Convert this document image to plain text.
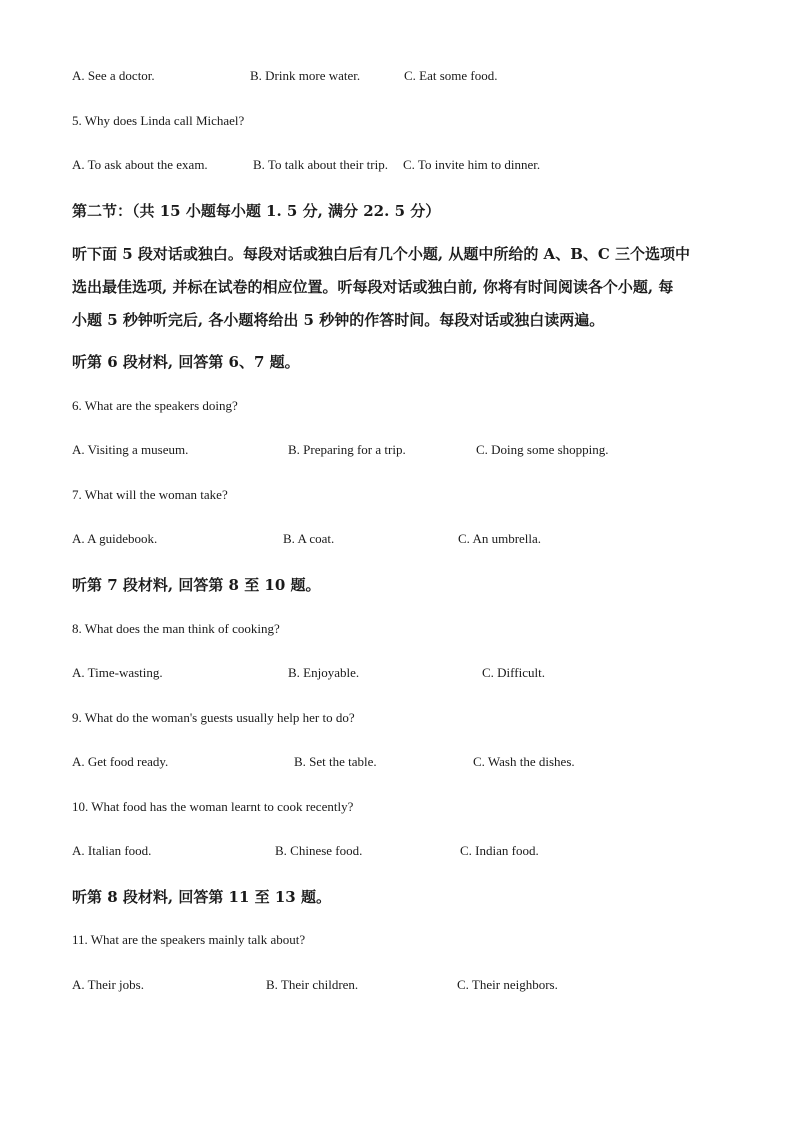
A. See a doctor.	B. Drink more water.	C. Eat some food.
5. Why does Linda call Michael?
A. To ask about the exam.	B. To talk about their trip. C. To invite him to dinner.
第二节：（共 15 小题每小题 1. 5 分, 满分 22. 5 分）
听下面 5 段对话或独白。每段对话或独白后有几个小题, 从题中所给的 A、B、C 三个选项中
选出最佳选项, 并标在试卷的相应位置。听每段对话或独白前, 你将有时间阅读各个小题, 每
小题 5 秒钟听完后, 各小题将给出 5 秒钟的作答时间。每段对话或独白读两遍。
听第 6 段材料, 回答第 6、7 题。
6. What are the speakers doing?
A. Visiting a museum.	B. Preparing for a trip.	C. Doing some shopping.
7. What will the woman take?
A. A guidebook.	B. A coat.	C. An umbrella.
听第 7 段材料, 回答第 8 至 10 题。
8. What does the man think of cooking?
A. Time-wasting.	B. Enjoyable.	C. Difficult.
9. What do the woman's guests usually help her to do?
A. Get food ready.	B. Set the table.	C. Wash the dishes.
10. What food has the woman learnt to cook recently?
A. Italian food.	B. Chinese food.	C. Indian food.
听第 8 段材料, 回答第 11 至 13 题。
11. What are the speakers mainly talk about?
A. Their jobs.	B. Their children.	C. Their neighbors.
